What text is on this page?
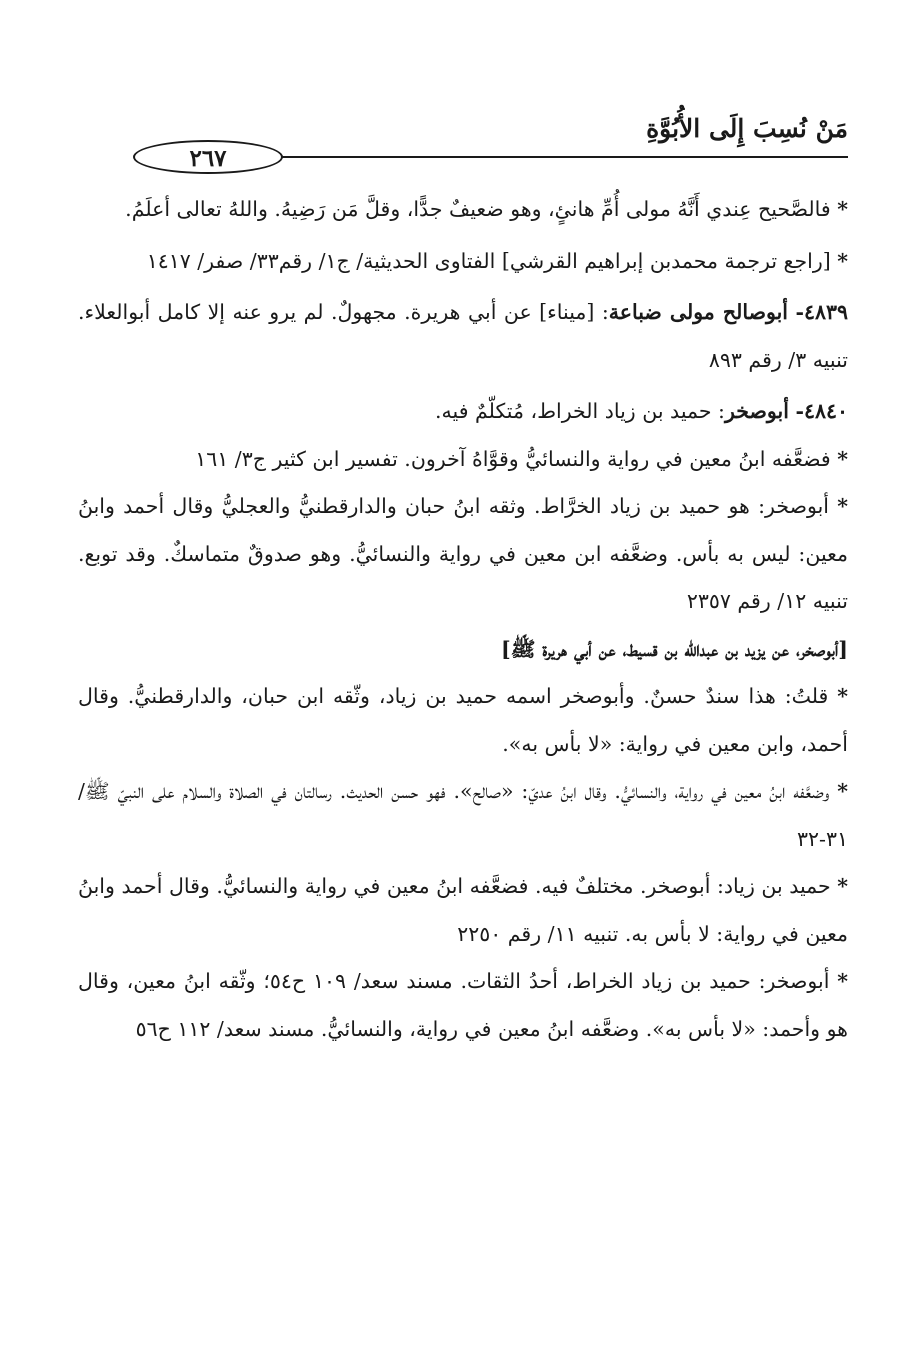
مَنْ نُسِبَ إِلَى الأُبُوَّةِ
٢٦٧

* فالصَّحيح عِندي أَنَّهُ مولى أُمِّ هانئٍ، وهو ضعيفٌ جدًّا، وقلَّ مَن رَضِيهُ. واللهُ تعالى أعلَمُ.

* [راجع ترجمة محمدبن إبراهيم القرشي] الفتاوى الحديثية/ ج١/ رقم٣٣/ صفر/ ١٤١٧

٤٨٣٩- أبوصالح مولى ضباعة: [ميناء] عن أبي هريرة. مجهولٌ. لم يرو عنه إلا كامل أبوالعلاء. تنبيه ٣/ رقم ٨٩٣

٤٨٤٠- أبوصخر: حميد بن زياد الخراط، مُتكلّمٌ فيه.

* فضعَّفه ابنُ معين في رواية والنسائيُّ وقوَّاهُ آخرون. تفسير ابن كثير ج٣/ ١٦١

* أبوصخر: هو حميد بن زياد الخرَّاط. وثقه ابنُ حبان والدارقطنيُّ والعجليُّ وقال أحمد وابنُ معين: ليس به بأس. وضعَّفه ابن معين في رواية والنسائيُّ. وهو صدوقٌ متماسكٌ. وقد توبع. تنبيه ١٢/ رقم ٢٣٥٧

[أبوصخر، عن يزيد بن عبدالله بن قسيط، عن أبي هريرة ﷺ]

* قلتُ: هذا سندٌ حسنٌ. وأبوصخر اسمه حميد بن زياد، وثّقه ابن حبان، والدارقطنيُّ. وقال أحمد، وابن معين في رواية: «لا بأس به».

* وضعَّفه ابنُ معين في رواية، والنسائيُّ. وقال ابنُ عديّ: «صالح». فهو حسن الحديث. رسالتان في الصلاة والسلام على النبيّ ﷺ/ ٣١-٣٢

* حميد بن زياد: أبوصخر. مختلفٌ فيه. فضعَّفه ابنُ معين في رواية والنسائيُّ. وقال أحمد وابنُ معين في رواية: لا بأس به. تنبيه ١١/ رقم ٢٢٥٠

* أبوصخر: حميد بن زياد الخراط، أحدُ الثقات. مسند سعد/ ١٠٩ ح٥٤؛ وثّقه ابنُ معين، وقال هو وأحمد: «لا بأس به». وضعَّفه ابنُ معين في رواية، والنسائيُّ. مسند سعد/ ١١٢ ح٥٦
